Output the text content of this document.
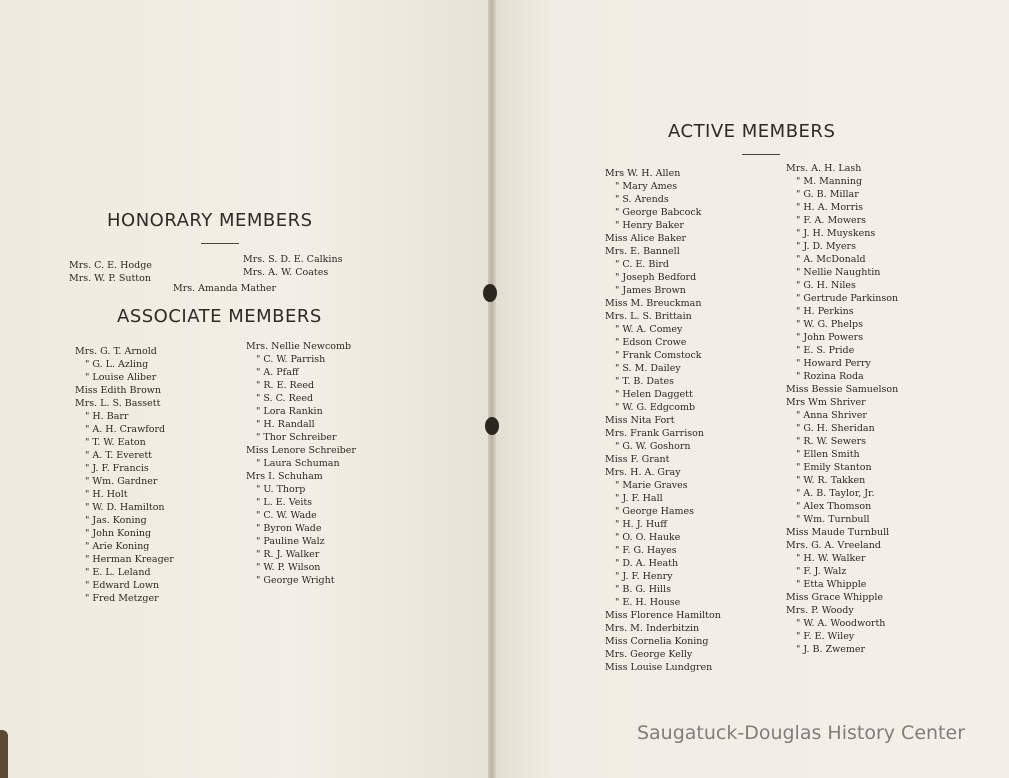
HONORARY MEMBERS
Mrs. C. E. Hodge
Mrs. W. P. Sutton
Mrs. S. D. E. Calkins
Mrs. A. W. Coates
Mrs. Amanda Mather
ASSOCIATE MEMBERS
Mrs. G. T. Arnold
" G. L. Azling
" Louise Aliber
Miss Edith Brown
Mrs. L. S. Bassett
" H. Barr
" A. H. Crawford
" T. W. Eaton
" A. T. Everett
" J. F. Francis
" Wm. Gardner
" H. Holt
" W. D. Hamilton
" Jas. Koning
" John Koning
" Arie Koning
" Herman Kreager
" E. L. Leland
" Edward Lown
" Fred Metzger
Mrs. Nellie Newcomb
" C. W. Parrish
" A. Pfaff
" R. E. Reed
" S. C. Reed
" Lora Rankin
" H. Randall
" Thor Schreiber
Miss Lenore Schreiber
" Laura Schuman
Mrs I. Schuham
" U. Thorp
" L. E. Veits
" C. W. Wade
" Byron Wade
" Pauline Walz
" R. J. Walker
" W. P. Wilson
" George Wright
ACTIVE MEMBERS
Mrs W. H. Allen
" Mary Ames
" S. Arends
" George Babcock
" Henry Baker
Miss Alice Baker
Mrs. E. Bannell
" C. E. Bird
" Joseph Bedford
" James Brown
Miss M. Breuckman
Mrs. L. S. Brittain
" W. A. Comey
" Edson Crowe
" Frank Comstock
" S. M. Dailey
" T. B. Dates
" Helen Daggett
" W. G. Edgcomb
Miss Nita Fort
Mrs. Frank Garrison
" G. W. Goshorn
Miss F. Grant
Mrs. H. A. Gray
" Marie Graves
" J. F. Hall
" George Hames
" H. J. Huff
" O. O. Hauke
" F. G. Hayes
" D. A. Heath
" J. F. Henry
" B. G. Hills
" E. H. House
Miss Florence Hamilton
Mrs. M. Inderbitzin
Miss Cornelia Koning
Mrs. George Kelly
Miss Louise Lundgren
Mrs. A. H. Lash
" M. Manning
" G. B. Millar
" H. A. Morris
" F. A. Mowers
" J. H. Muyskens
" J. D. Myers
" A. McDonald
" Nellie Naughtin
" G. H. Niles
" Gertrude Parkinson
" H. Perkins
" W. G. Phelps
" John Powers
" E. S. Pride
" Howard Perry
" Rozina Roda
Miss Bessie Samuelson
Mrs Wm Shriver
" Anna Shriver
" G. H. Sheridan
" R. W. Sewers
" Ellen Smith
" Emily Stanton
" W. R. Takken
" A. B. Taylor, Jr.
" Alex Thomson
" Wm. Turnbull
Miss Maude Turnbull
Mrs. G. A. Vreeland
" H. W. Walker
" F. J. Walz
" Etta Whipple
Miss Grace Whipple
Mrs. P. Woody
" W. A. Woodworth
" F. E. Wiley
" J. B. Zwemer
Saugatuck-Douglas History Center
